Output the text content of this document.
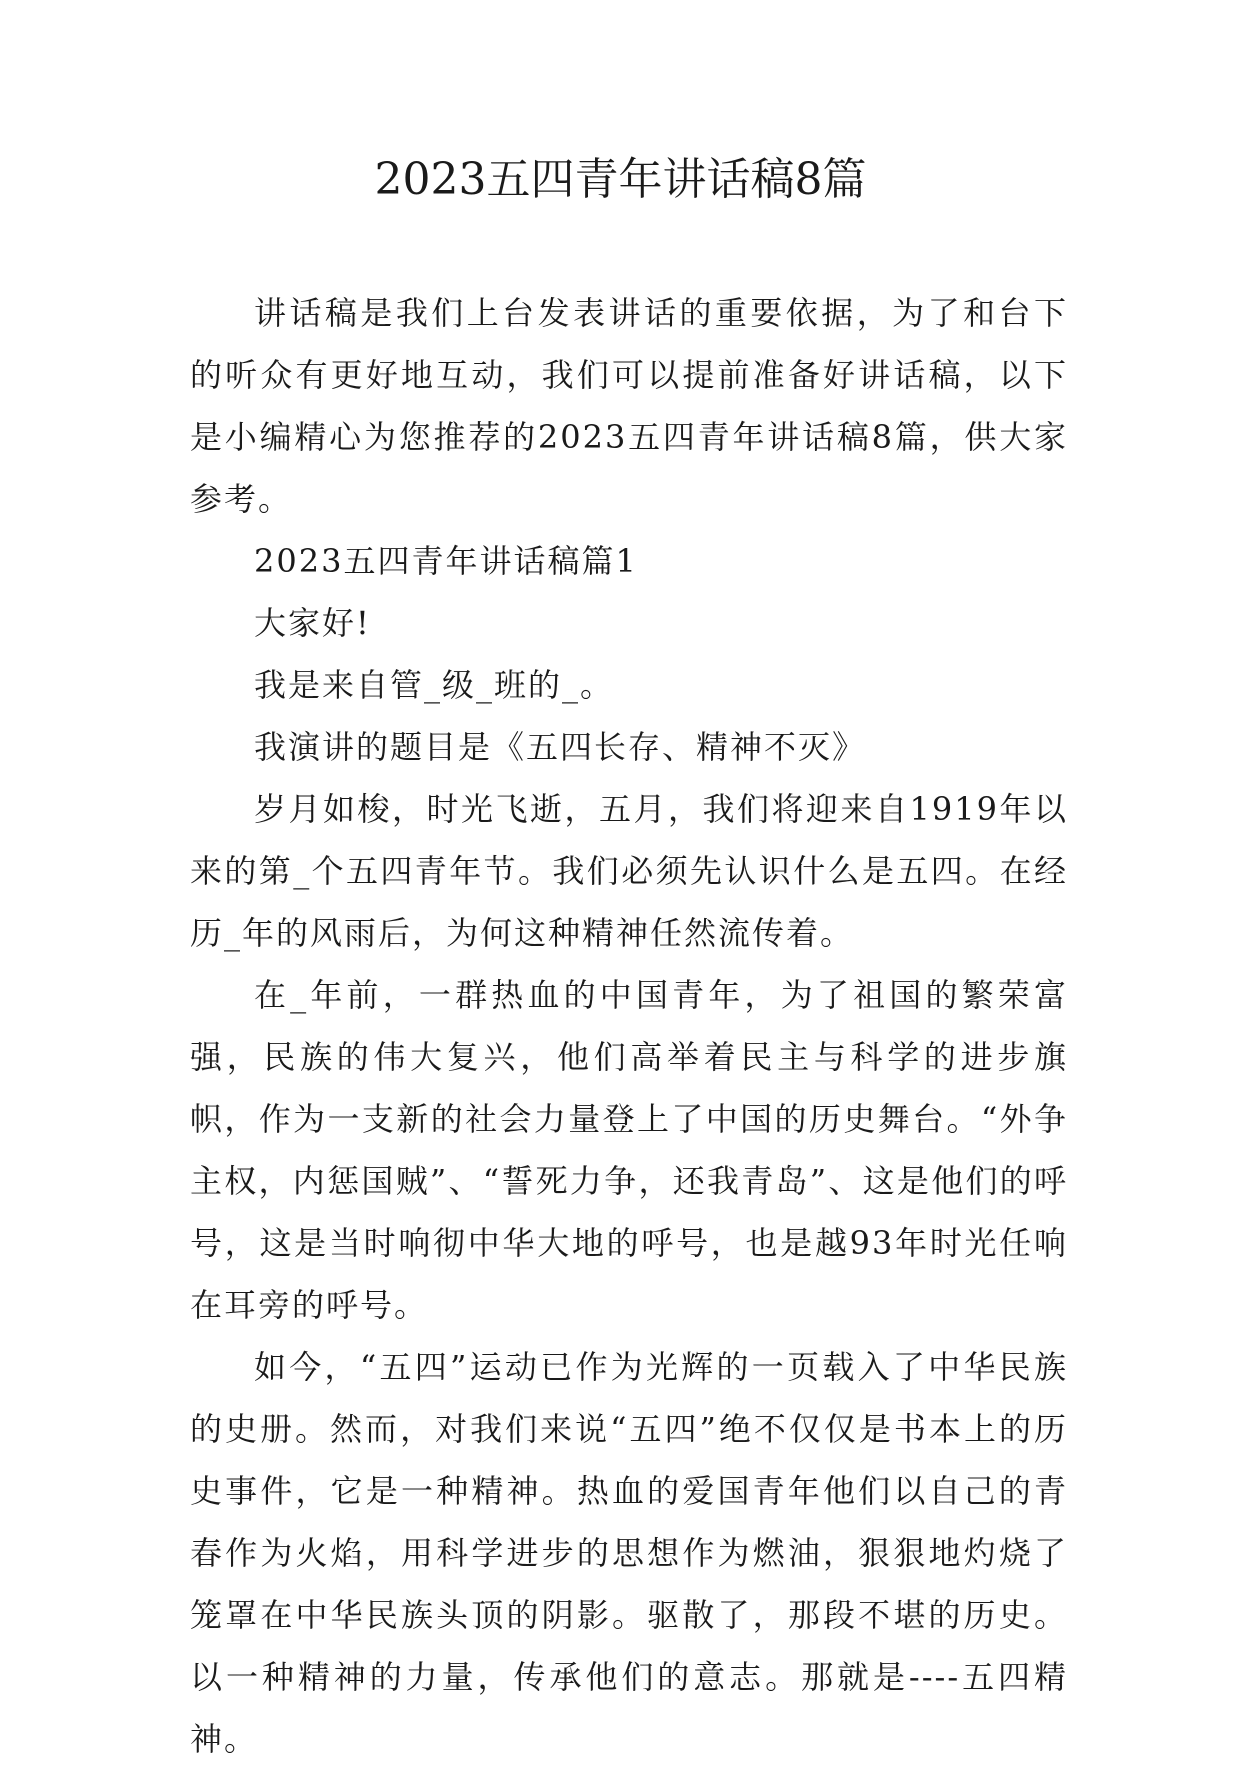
2023五四青年讲话稿8篇

讲话稿是我们上台发表讲话的重要依据，为了和台下的听众有更好地互动，我们可以提前准备好讲话稿，以下是小编精心为您推荐的2023五四青年讲话稿8篇，供大家参考。

2023五四青年讲话稿篇1

大家好!

我是来自管_级_班的_。

我演讲的题目是《五四长存、精神不灭》

岁月如梭，时光飞逝，五月，我们将迎来自1919年以来的第_个五四青年节。我们必须先认识什么是五四。在经历_年的风雨后，为何这种精神任然流传着。

在_年前，一群热血的中国青年，为了祖国的繁荣富强，民族的伟大复兴，他们高举着民主与科学的进步旗帜，作为一支新的社会力量登上了中国的历史舞台。“外争主权，内惩国贼”、“誓死力争，还我青岛”、这是他们的呼号，这是当时响彻中华大地的呼号，也是越93年时光任响在耳旁的呼号。

如今，“五四”运动已作为光辉的一页载入了中华民族的史册。然而，对我们来说“五四”绝不仅仅是书本上的历史事件，它是一种精神。热血的爱国青年他们以自己的青春作为火焰，用科学进步的思想作为燃油，狠狠地灼烧了笼罩在中华民族头顶的阴影。驱散了，那段不堪的历史。以一种精神的力量，传承他们的意志。那就是----五四精神。
